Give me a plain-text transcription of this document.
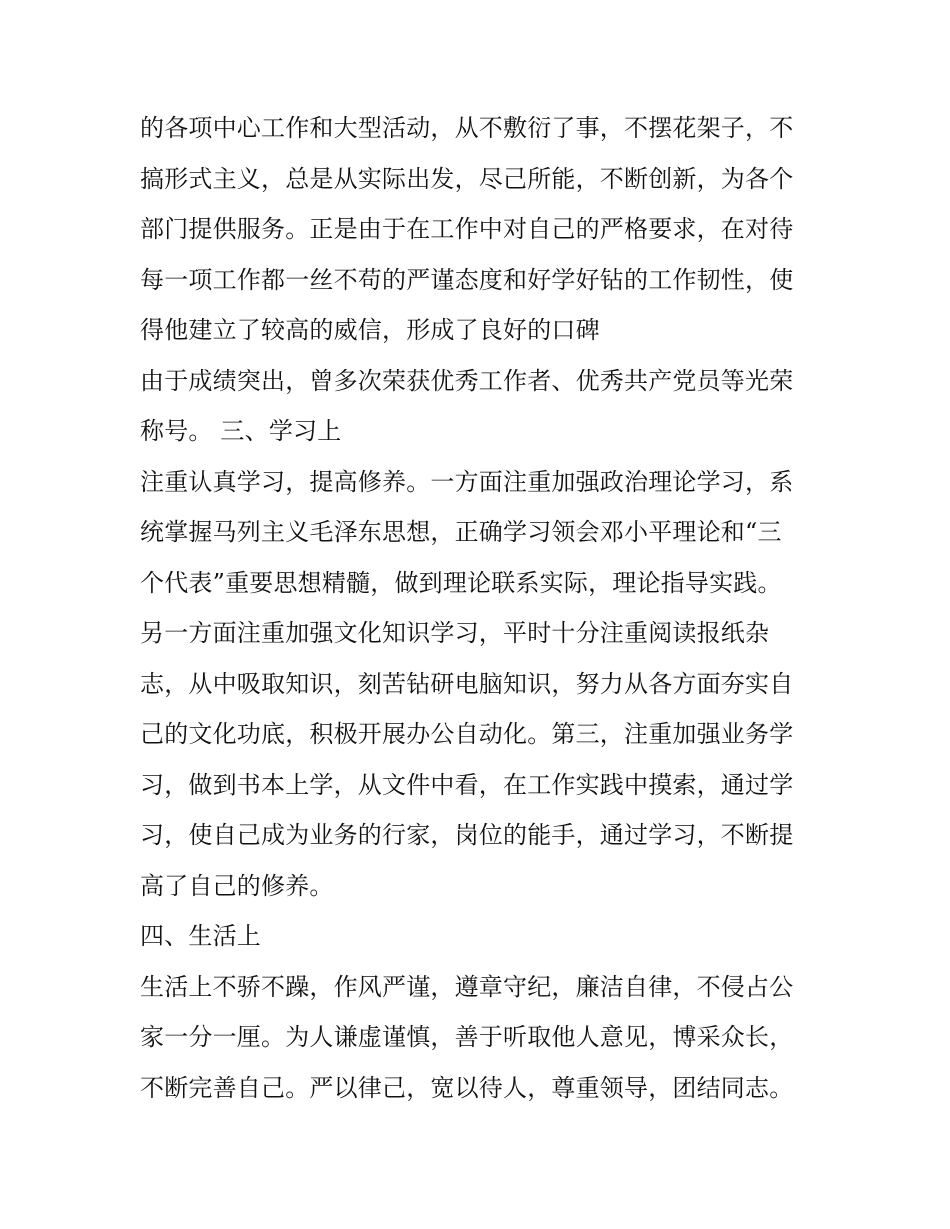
的各项中心工作和大型活动，从不敷衍了事，不摆花架子，不
搞形式主义，总是从实际出发，尽己所能，不断创新，为各个
部门提供服务。正是由于在工作中对自己的严格要求，在对待
每一项工作都一丝不苟的严谨态度和好学好钻的工作韧性，使
得他建立了较高的威信，形成了良好的口碑

由于成绩突出，曾多次荣获优秀工作者、优秀共产党员等光荣
称号。 三、学习上

注重认真学习，提高修养。一方面注重加强政治理论学习，系
统掌握马列主义毛泽东思想，正确学习领会邓小平理论和“三
个代表”重要思想精髓，做到理论联系实际，理论指导实践。
另一方面注重加强文化知识学习，平时十分注重阅读报纸杂
志，从中吸取知识，刻苦钻研电脑知识，努力从各方面夯实自
己的文化功底，积极开展办公自动化。第三，注重加强业务学
习，做到书本上学，从文件中看，在工作实践中摸索，通过学
习，使自己成为业务的行家，岗位的能手，通过学习，不断提
高了自己的修养。

四、生活上

生活上不骄不躁，作风严谨，遵章守纪，廉洁自律，不侵占公
家一分一厘。为人谦虚谨慎，善于听取他人意见，博采众长，
不断完善自己。严以律己，宽以待人，尊重领导，团结同志。
